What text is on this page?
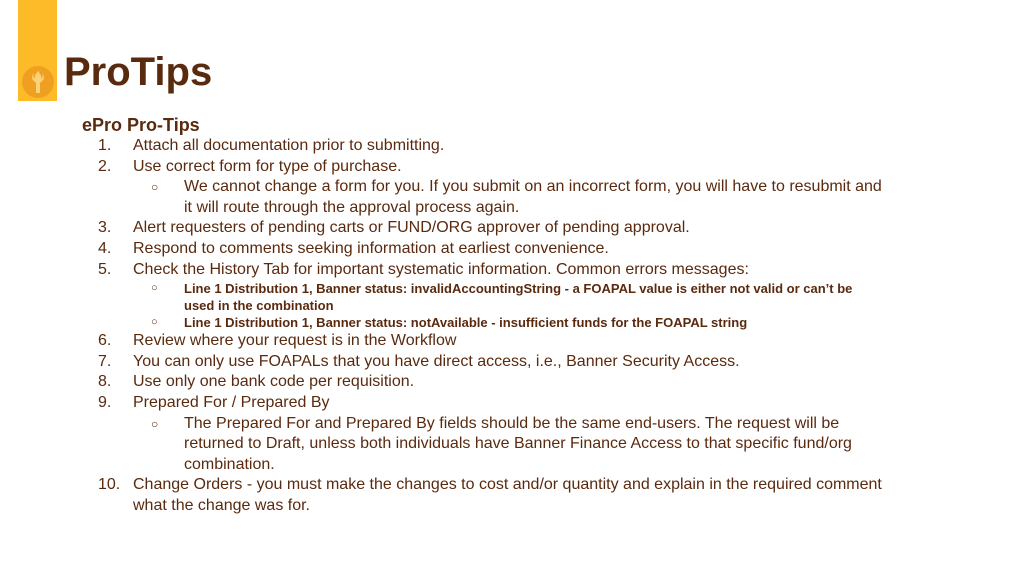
ProTips
ePro Pro-Tips
1. Attach all documentation prior to submitting.
2. Use correct form for type of purchase.
○ We cannot change a form for you. If you submit on an incorrect form, you will have to resubmit and it will route through the approval process again.
3. Alert requesters of pending carts or FUND/ORG approver of pending approval.
4. Respond to comments seeking information at earliest convenience.
5. Check the History Tab for important systematic information. Common errors messages:
○ Line 1 Distribution 1, Banner status: invalidAccountingString - a FOAPAL value is either not valid or can’t be used in the combination
○ Line 1 Distribution 1, Banner status: notAvailable - insufficient funds for the FOAPAL string
6. Review where your request is in the Workflow
7. You can only use FOAPALs that you have direct access, i.e., Banner Security Access.
8. Use only one bank code per requisition.
9. Prepared For / Prepared By
○ The Prepared For and Prepared By fields should be the same end-users. The request will be returned to Draft, unless both individuals have Banner Finance Access to that specific fund/org combination.
10. Change Orders - you must make the changes to cost and/or quantity and explain in the required comment what the change was for.
